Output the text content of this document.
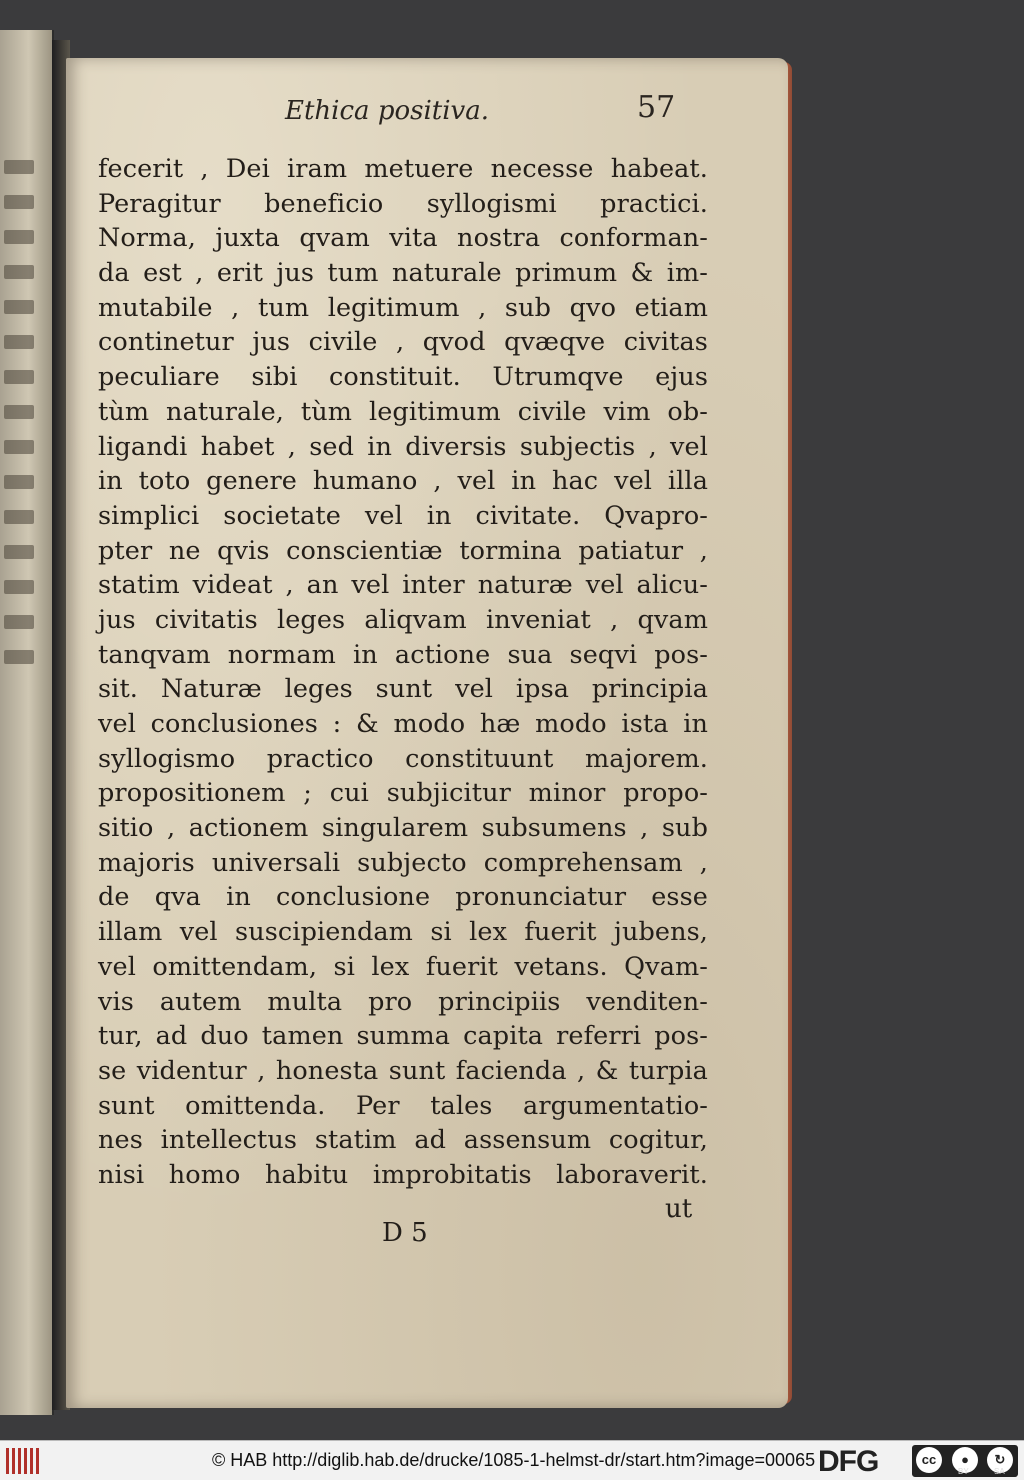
Ethica positiva.	57
fecerit , Dei iram metuere necesse habeat.
Peragitur beneficio syllogismi practici.
Norma, juxta qvam vita nostra conforman-
da est , erit jus tum naturale primum & im-
mutabile , tum legitimum , sub qvo etiam
continetur jus civile , qvod qvæqve civitas
peculiare sibi constituit. Utrumqve ejus
tùm naturale, tùm legitimum civile vim ob-
ligandi habet , sed in diversis subjectis , vel
in toto genere humano , vel in hac vel illa
simplici societate vel in civitate. Qvapro-
pter ne qvis conscientiæ tormina patiatur ,
statim videat , an vel inter naturæ vel alicu-
jus civitatis leges aliqvam inveniat , qvam
tanqvam normam in actione sua seqvi pos-
sit. Naturæ leges sunt vel ipsa principia
vel conclusiones : & modo hæ modo ista in
syllogismo practico constituunt majorem.
propositionem ; cui subjicitur minor propo-
sitio , actionem singularem subsumens , sub
majoris universali subjecto comprehensam ,
de qva in conclusione pronunciatur esse
illam vel suscipiendam si lex fuerit jubens,
vel omittendam, si lex fuerit vetans. Qvam-
vis autem multa pro principiis venditen-
tur, ad duo tamen summa capita referri pos-
se videntur , honesta sunt facienda , & turpia
sunt omittenda. Per tales argumentatio-
nes intellectus statim ad assensum cogitur,
nisi homo habitu improbitatis laboraverit.
ut
D 5
© HAB http://diglib.hab.de/drucke/1085-1-helmst-dr/start.htm?image=00065 DFG	cc	●	↻
BY	SA
